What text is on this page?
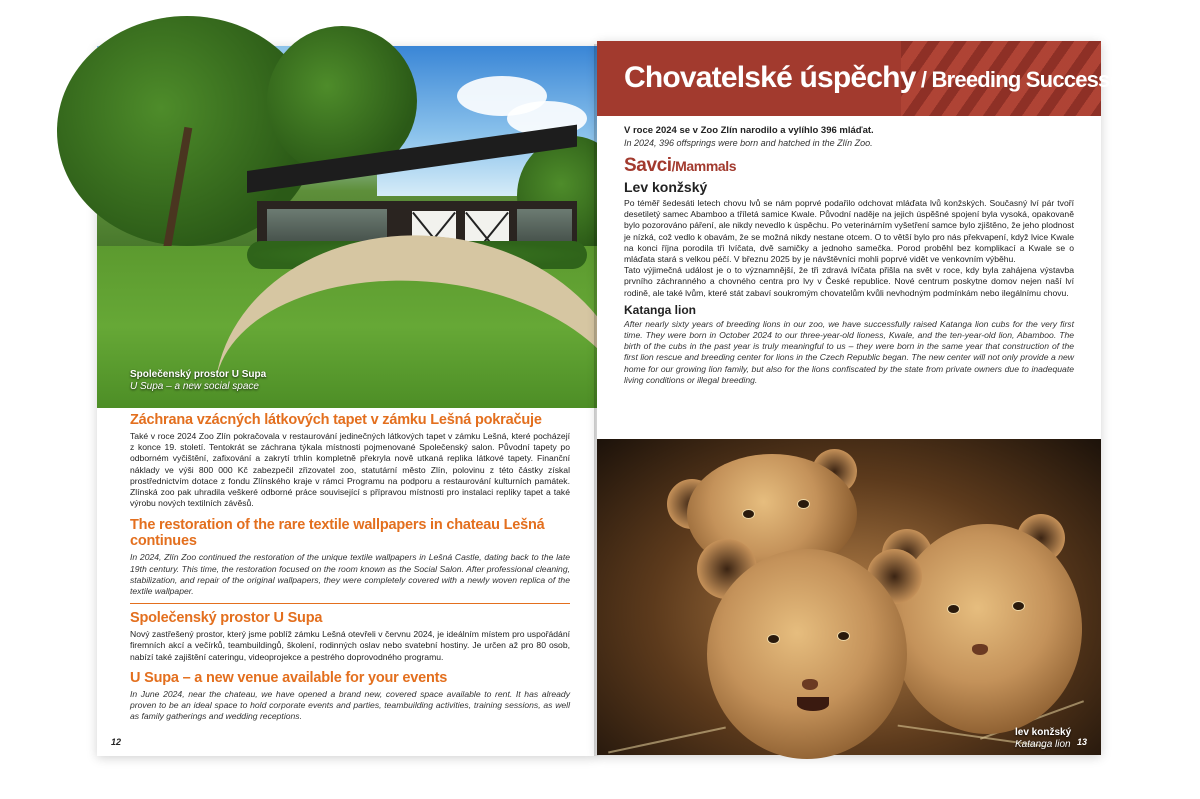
Společenský prostor U Supa
U Supa – a new social space
Záchrana vzácných látkových tapet v zámku Lešná pokračuje

Také v roce 2024 Zoo Zlín pokračovala v restaurování jedinečných látkových tapet v zámku Lešná, které pocházejí z konce 19. století. Tentokrát se záchrana týkala místnosti pojmenované Společenský salon. Původní tapety po odborném vyčištění, zafixování a zakrytí trhlin kompletně překryla nově utkaná replika látkové tapety. Finanční náklady ve výši 800 000 Kč zabezpečil zřizovatel zoo, statutární město Zlín, polovinu z této částky získal prostřednictvím dotace z fondu Zlínského kraje v rámci Programu na podporu a restaurování kulturních památek. Zlínská zoo pak uhradila veškeré odborné práce související s přípravou místnosti pro instalaci repliky tapet a také výrobu nových textilních závěsů.

The restoration of the rare textile wallpapers in chateau Lešná continues

In 2024, Zlín Zoo continued the restoration of the unique textile wallpapers in Lešná Castle, dating back to the late 19th century. This time, the restoration focused on the room known as the Social Salon. After professional cleaning, stabilization, and repair of the original wallpapers, they were completely covered with a newly woven replica of the textile wallpaper.

Společenský prostor U Supa

Nový zastřešený prostor, který jsme poblíž zámku Lešná otevřeli v červnu 2024, je ideálním místem pro uspořádání firemních akcí a večírků, teambuildingů, školení, rodinných oslav nebo svatební hostiny. Je určen až pro 80 osob, nabízí také zajištění cateringu, videoprojekce a pestrého doprovodného programu.

U Supa – a new venue available for your events

In June 2024, near the chateau, we have opened a brand new, covered space available to rent. It has already proven to be an ideal space to hold corporate events and parties, teambuilding activities, training sessions, as well as family gatherings and wedding receptions.

12
Chovatelské úspěchy / Breeding Successes

V roce 2024 se v Zoo Zlín narodilo a vylíhlo 396 mláďat.

In 2024, 396 offsprings were born and hatched in the Zlín Zoo.

Savci/Mammals
Lev konžský

Po téměř šedesáti letech chovu lvů se nám poprvé podařilo odchovat mláďata lvů konžských. Současný lví pár tvoří desetiletý samec Abamboo a tříletá samice Kwale. Původní naděje na jejich úspěšné spojení byla vysoká, opakovaně bylo pozorováno páření, ale nikdy nevedlo k úspěchu. Po veterinárním vyšetření samce bylo zjištěno, že jeho plodnost je nízká, což vedlo k obavám, že se možná nikdy nestane otcem. O to větší bylo pro nás překvapení, když lvice Kwale na konci října porodila tři lvíčata, dvě samičky a jednoho samečka. Porod proběhl bez komplikací a Kwale se o mláďata stará s velkou péčí. V březnu 2025 by je návštěvníci mohli poprvé vidět ve venkovním výběhu.

Tato výjimečná událost je o to významnější, že tři zdravá lvíčata přišla na svět v roce, kdy byla zahájena výstavba prvního záchranného a chovného centra pro lvy v České republice. Nové centrum poskytne domov nejen naší lví rodině, ale také lvům, které stát zabaví soukromým chovatelům kvůli nevhodným podmínkám nebo ilegálnímu chovu.

Katanga lion

After nearly sixty years of breeding lions in our zoo, we have successfully raised Katanga lion cubs for the very first time. They were born in October 2024 to our three-year-old lioness, Kwale, and the ten-year-old lion, Abamboo. The birth of the cubs in the past year is truly meaningful to us – they were born in the same year that construction of the first lion rescue and breeding center for lions in the Czech Republic began. The new center will not only provide a new home for our growing lion family, but also for the lions confiscated by the state from private owners due to inadequate living conditions or illegal breeding.

lev konžský
Katanga lion 13
